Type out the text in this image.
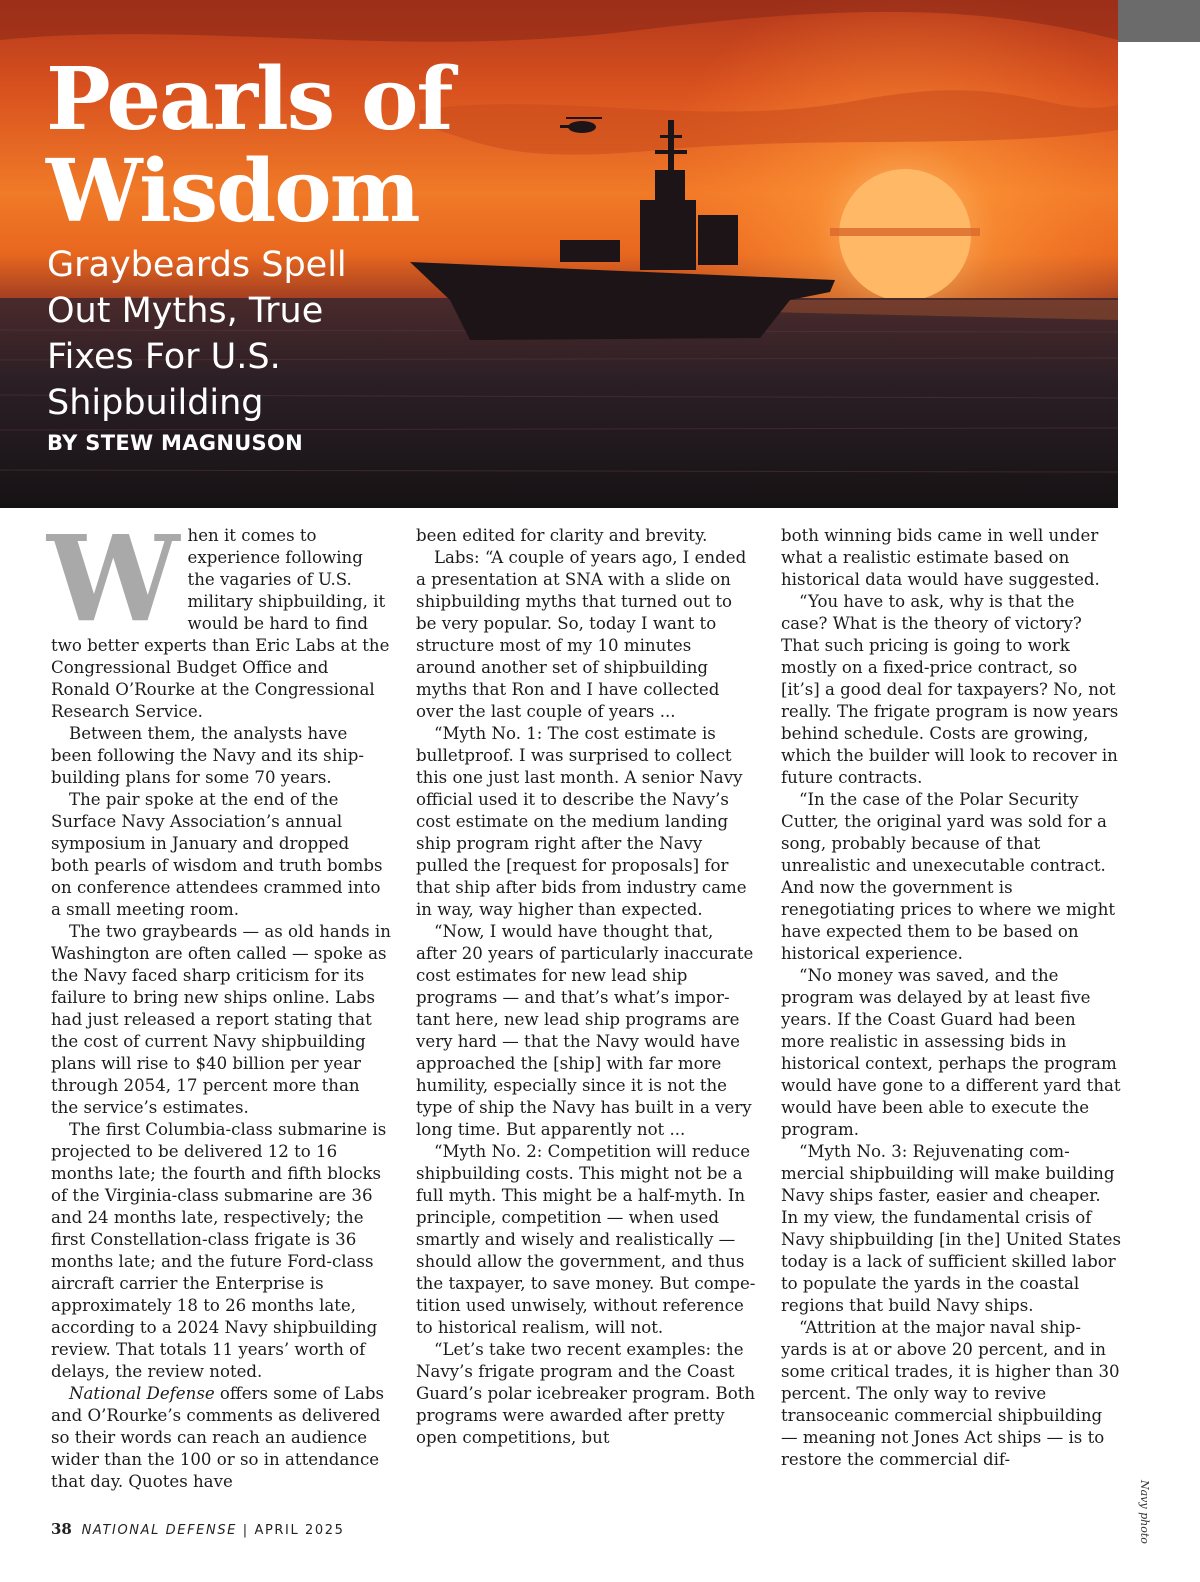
Pearls of
Wisdom
Graybeards Spell Out Myths, True Fixes For U.S. Shipbuilding
BY STEW MAGNUSON
W hen it comes to experience following the vagaries of U.S. military shipbuilding, it would be hard to find two better experts than Eric Labs at the Congressional Budget Office and Ronald O’Rourke at the Congressional Research Service.

Between them, the analysts have been following the Navy and its shipbuilding plans for some 70 years.

The pair spoke at the end of the Surface Navy Association’s annual symposium in January and dropped both pearls of wisdom and truth bombs on conference attendees crammed into a small meeting room.

The two graybeards — as old hands in Washington are often called — spoke as the Navy faced sharp criticism for its failure to bring new ships online. Labs had just released a report stating that the cost of current Navy shipbuilding plans will rise to $40 billion per year through 2054, 17 percent more than the service’s estimates.

The first Columbia-class submarine is projected to be delivered 12 to 16 months late; the fourth and fifth blocks of the Virginia-class submarine are 36 and 24 months late, respectively; the first Constellation-class frigate is 36 months late; and the future Ford-class aircraft carrier the Enterprise is approximately 18 to 26 months late, according to a 2024 Navy shipbuilding review. That totals 11 years’ worth of delays, the review noted.

National Defense offers some of Labs and O’Rourke’s comments as delivered so their words can reach an audience wider than the 100 or so in attendance that day. Quotes have

been edited for clarity and brevity.

Labs: “A couple of years ago, I ended a presentation at SNA with a slide on shipbuilding myths that turned out to be very popular. So, today I want to structure most of my 10 minutes around another set of shipbuilding myths that Ron and I have collected over the last couple of years ...

“Myth No. 1: The cost estimate is bulletproof. I was surprised to collect this one just last month. A senior Navy official used it to describe the Navy’s cost estimate on the medium landing ship program right after the Navy pulled the [request for proposals] for that ship after bids from industry came in way, way higher than expected.

“Now, I would have thought that, after 20 years of particularly inaccurate cost estimates for new lead ship programs — and that’s what’s important here, new lead ship programs are very hard — that the Navy would have approached the [ship] with far more humility, especially since it is not the type of ship the Navy has built in a very long time. But apparently not ...

“Myth No. 2: Competition will reduce shipbuilding costs. This might not be a full myth. This might be a half-myth. In principle, competition — when used smartly and wisely and realistically — should allow the government, and thus the taxpayer, to save money. But competition used unwisely, without reference to historical realism, will not.

“Let’s take two recent examples: the Navy’s frigate program and the Coast Guard’s polar icebreaker program. Both programs were awarded after pretty open competitions, but

both winning bids came in well under what a realistic estimate based on historical data would have suggested.

“You have to ask, why is that the case? What is the theory of victory? That such pricing is going to work mostly on a fixed-price contract, so [it’s] a good deal for taxpayers? No, not really. The frigate program is now years behind schedule. Costs are growing, which the builder will look to recover in future contracts.

“In the case of the Polar Security Cutter, the original yard was sold for a song, probably because of that unrealistic and unexecutable contract. And now the government is renegotiating prices to where we might have expected them to be based on historical experience.

“No money was saved, and the program was delayed by at least five years. If the Coast Guard had been more realistic in assessing bids in historical context, perhaps the program would have gone to a different yard that would have been able to execute the program.

“Myth No. 3: Rejuvenating commercial shipbuilding will make building Navy ships faster, easier and cheaper. In my view, the fundamental crisis of Navy shipbuilding [in the] United States today is a lack of sufficient skilled labor to populate the yards in the coastal regions that build Navy ships.

“Attrition at the major naval shipyards is at or above 20 percent, and in some critical trades, it is higher than 30 percent. The only way to revive transoceanic commercial shipbuilding — meaning not Jones Act ships — is to restore the commercial dif-

Navy photo
38 NATIONAL DEFENSE | APRIL 2025
